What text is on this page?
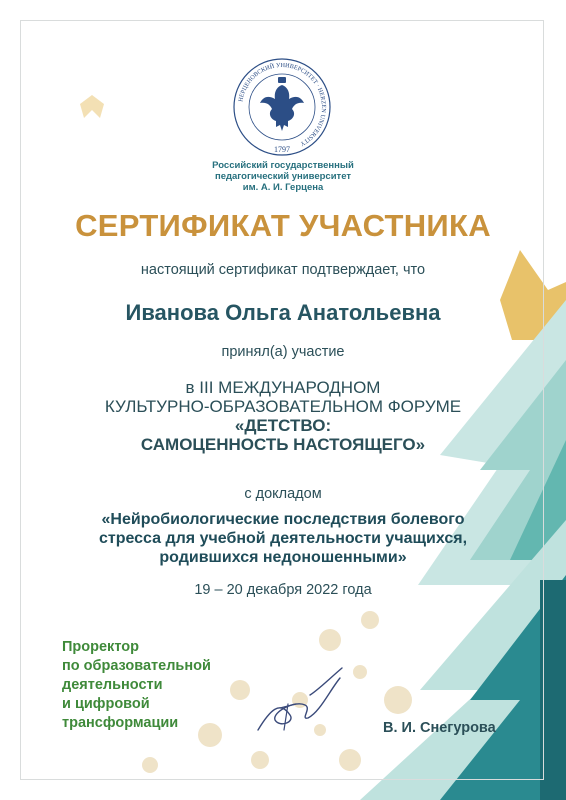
НЕРЦЕНОВСКИЙ УНИВЕРСИТЕТ · HERZEN UNIVERSITY
1797
Российский государственный
педагогический университет
им. А. И. Герцена
СЕРТИФИКАТ УЧАСТНИКА
настоящий сертификат подтверждает, что
Иванова Ольга Анатольевна
принял(а) участие
в III МЕЖДУНАРОДНОМ
КУЛЬТУРНО-ОБРАЗОВАТЕЛЬНОМ ФОРУМЕ
«ДЕТСТВО:
САМОЦЕННОСТЬ НАСТОЯЩЕГО»
с докладом
«Нейробиологические последствия болевого
стресса для учебной деятельности учащихся,
родившихся недоношенными»
19 – 20 декабря 2022 года
Проректор
по образовательной
деятельности
и цифровой
трансформации	В. И. Снегурова
